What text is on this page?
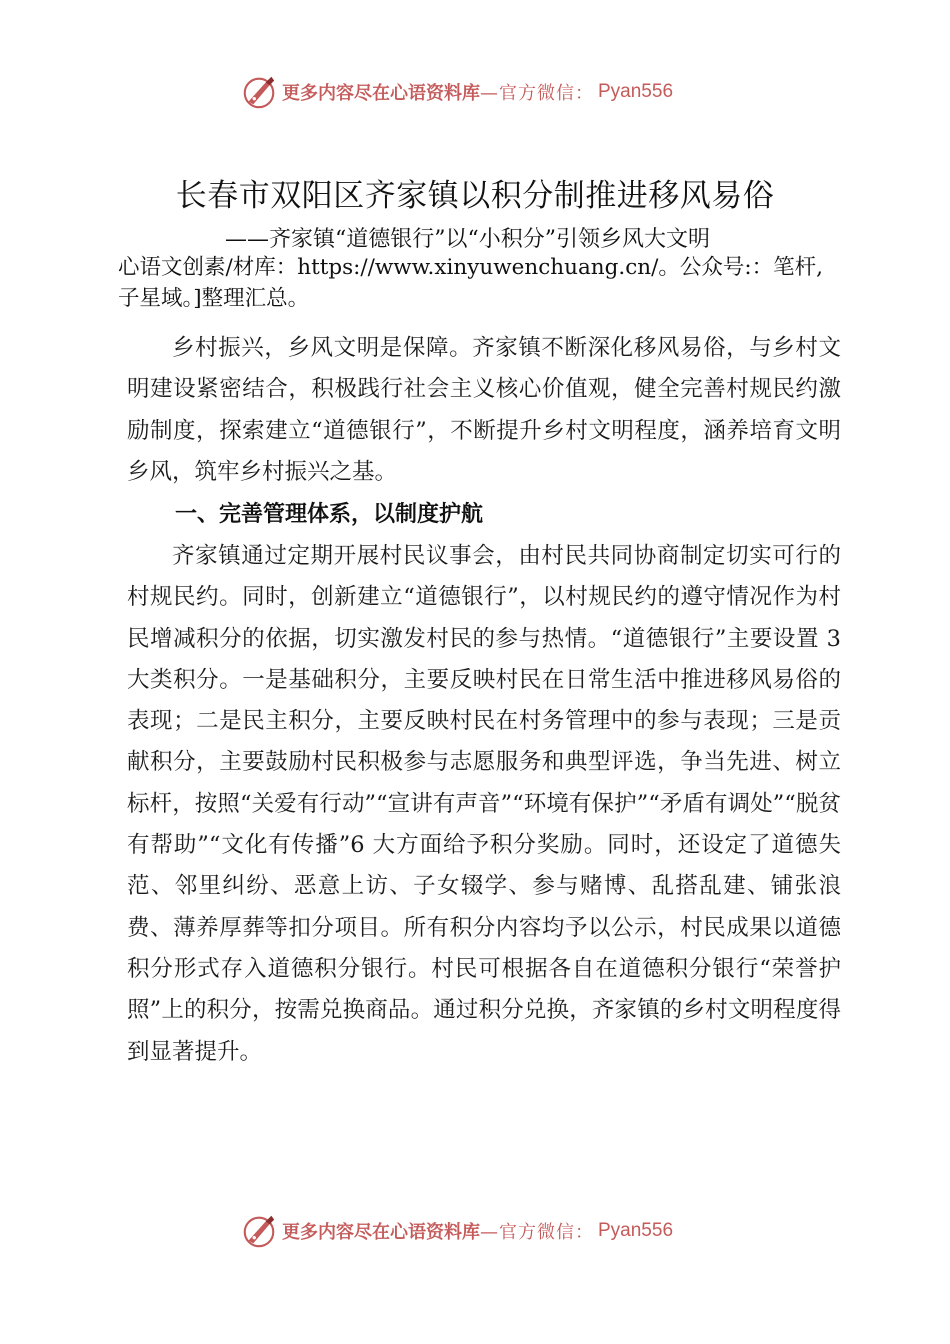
更多内容尽在心语资料库 —官方微信： Pyan556
长春市双阳区齐家镇以积分制推进移风易俗
——齐家镇“道德银行”以“小积分”引领乡风大文明

心语文创素/材库：https://www.xinyuwenchuang.cn/。公众号:：笔杆,子星域。]整理汇总。

乡村振兴，乡风文明是保障。齐家镇不断深化移风易俗，与乡村文明建设紧密结合，积极践行社会主义核心价值观，健全完善村规民约激励制度，探索建立“道德银行”，不断提升乡村文明程度，涵养培育文明乡风，筑牢乡村振兴之基。

一、完善管理体系，以制度护航

齐家镇通过定期开展村民议事会，由村民共同协商制定切实可行的村规民约。同时，创新建立“道德银行”，以村规民约的遵守情况作为村民增减积分的依据，切实激发村民的参与热情。“道德银行”主要设置 3 大类积分。一是基础积分，主要反映村民在日常生活中推进移风易俗的表现；二是民主积分，主要反映村民在村务管理中的参与表现；三是贡献积分，主要鼓励村民积极参与志愿服务和典型评选，争当先进、树立标杆，按照“关爱有行动”“宣讲有声音”“环境有保护”“矛盾有调处”“脱贫有帮助”“文化有传播”6 大方面给予积分奖励。同时，还设定了道德失范、邻里纠纷、恶意上访、子女辍学、参与赌博、乱搭乱建、铺张浪费、薄养厚葬等扣分项目。所有积分内容均予以公示，村民成果以道德积分形式存入道德积分银行。村民可根据各自在道德积分银行“荣誉护照”上的积分，按需兑换商品。通过积分兑换，齐家镇的乡村文明程度得到显著提升。

更多内容尽在心语资料库 —官方微信： Pyan556
